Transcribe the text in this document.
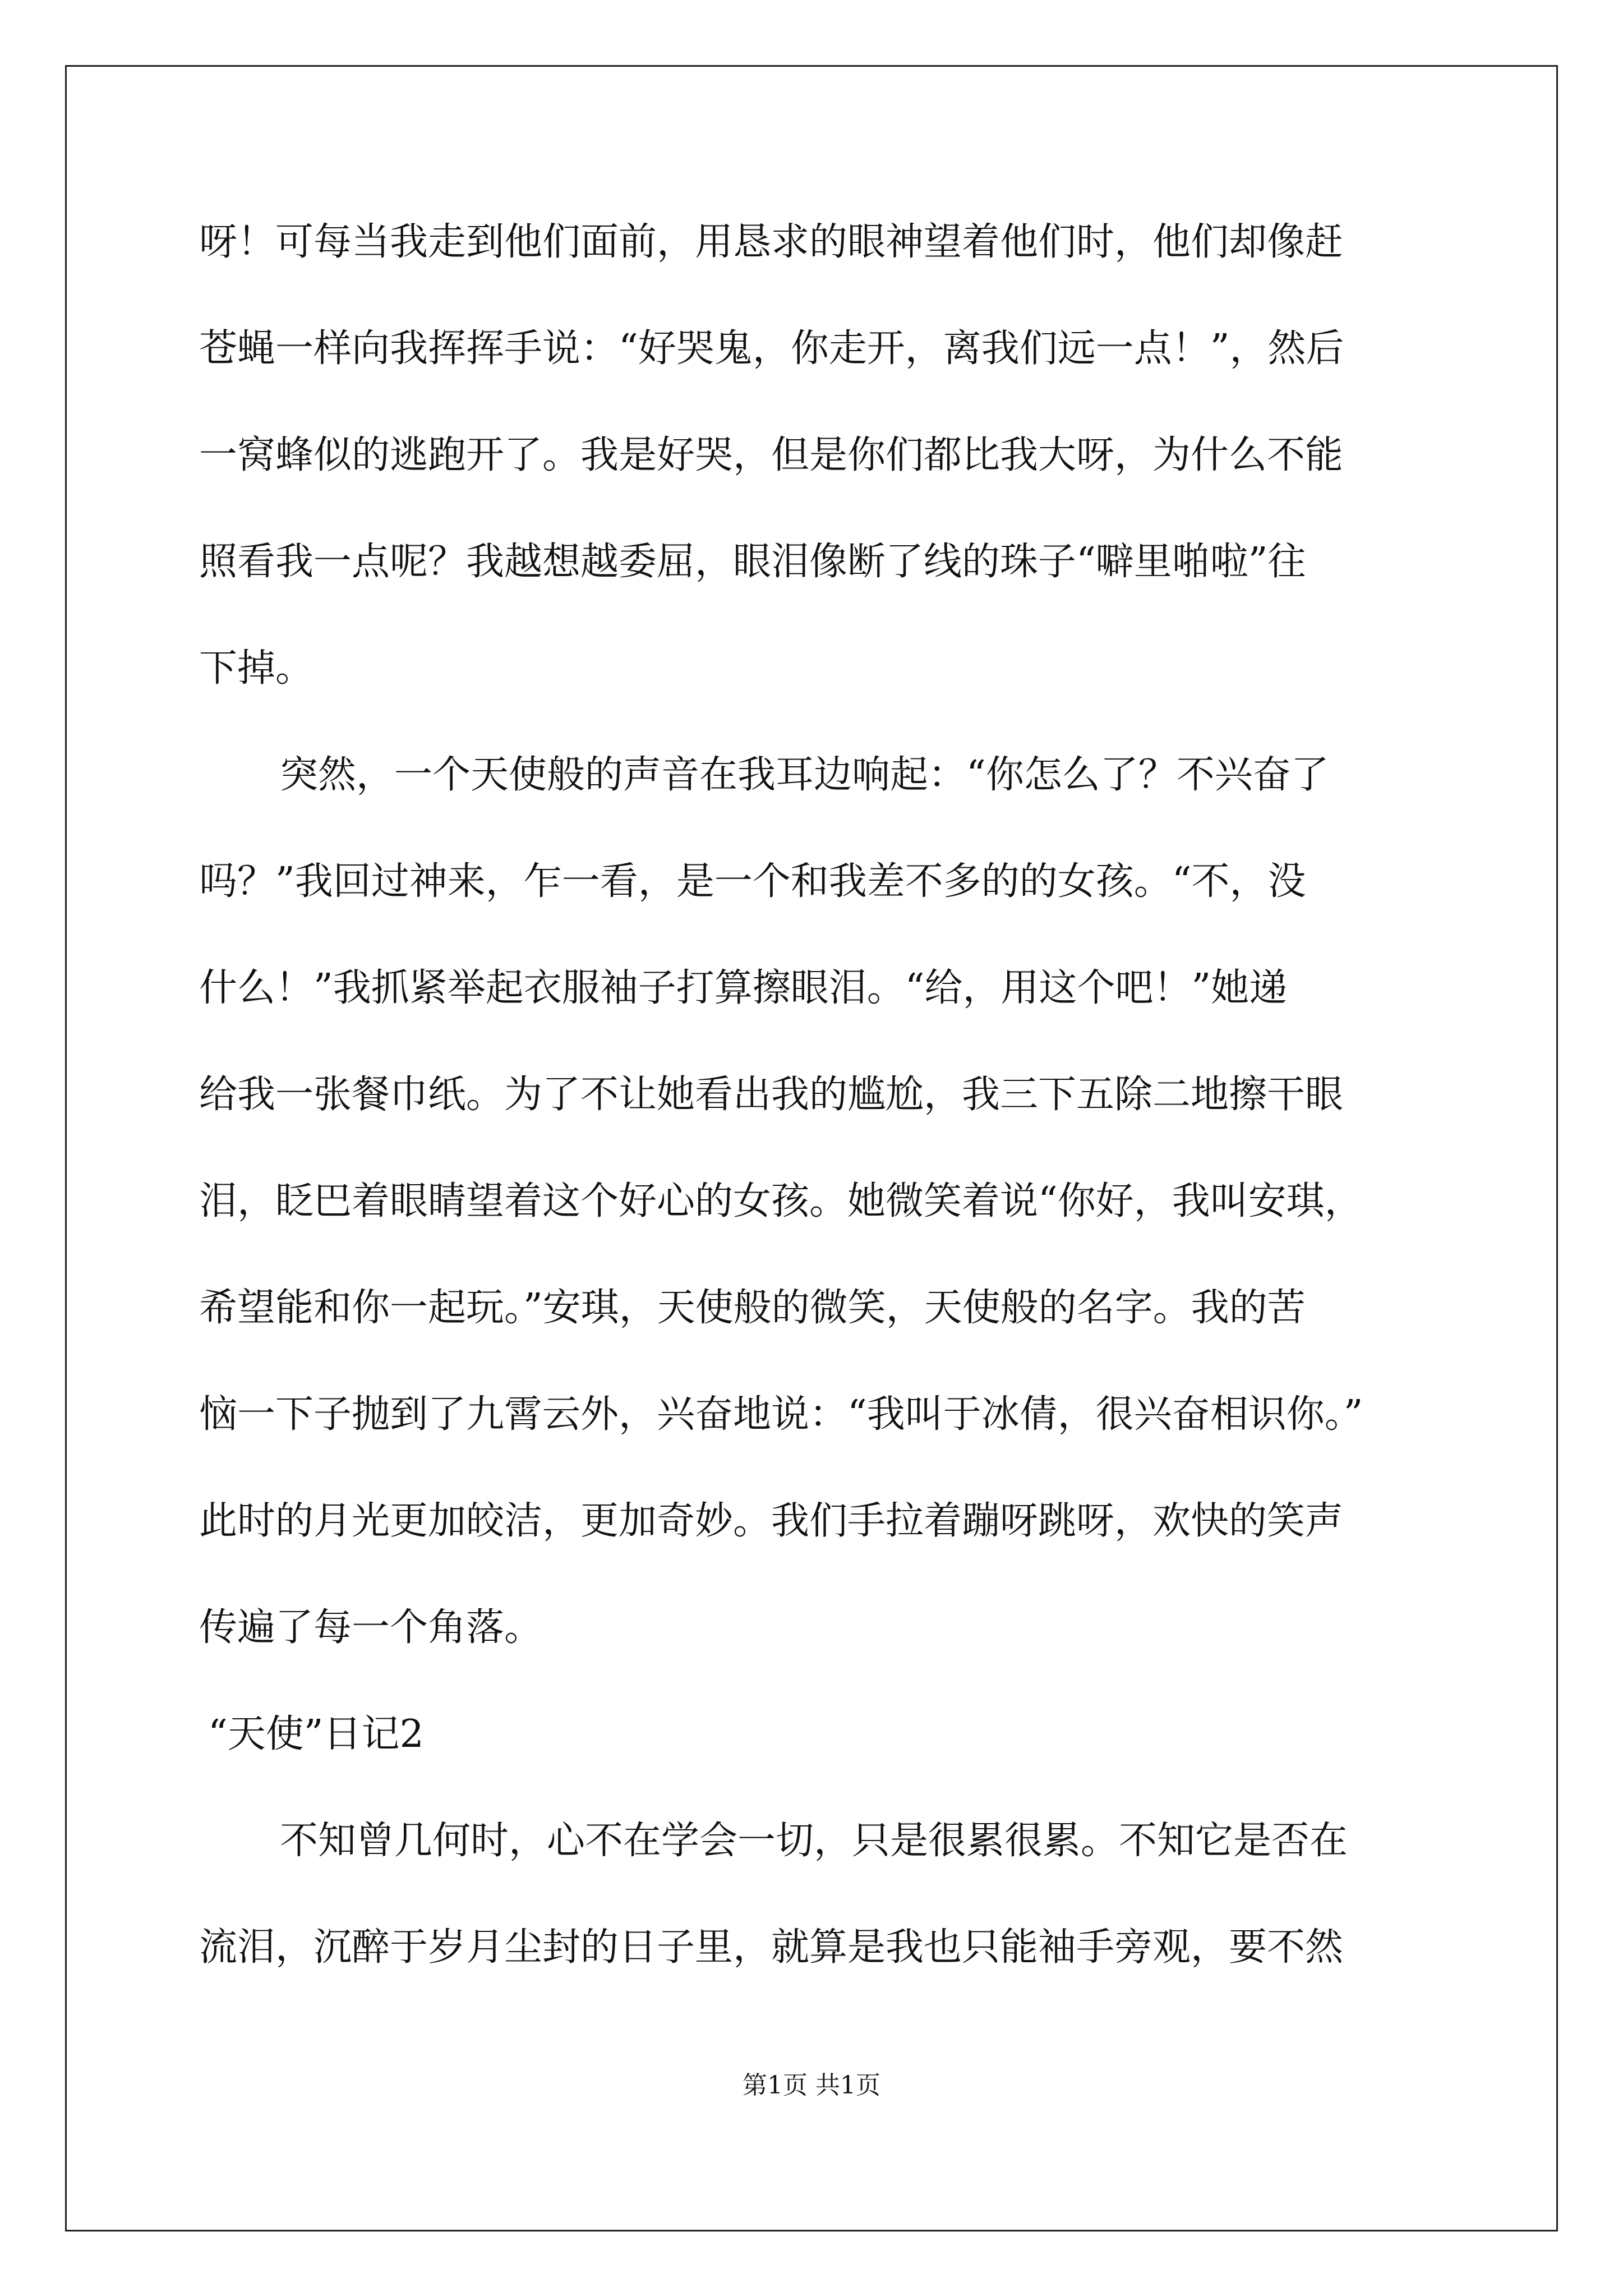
呀！可每当我走到他们面前，用恳求的眼神望着他们时，他们却像赶
苍蝇一样向我挥挥手说：“好哭鬼，你走开，离我们远一点！”，然后
一窝蜂似的逃跑开了。我是好哭，但是你们都比我大呀，为什么不能
照看我一点呢？我越想越委屈，眼泪像断了线的珠子“噼里啪啦”往
下掉。
突然，一个天使般的声音在我耳边响起：“你怎么了？不兴奋了
吗？”我回过神来，乍一看，是一个和我差不多的的女孩。“不，没
什么！”我抓紧举起衣服袖子打算擦眼泪。“给，用这个吧！”她递
给我一张餐巾纸。为了不让她看出我的尴尬，我三下五除二地擦干眼
泪，眨巴着眼睛望着这个好心的女孩。她微笑着说“你好，我叫安琪，
希望能和你一起玩。”安琪，天使般的微笑，天使般的名字。我的苦
恼一下子抛到了九霄云外，兴奋地说：“我叫于冰倩，很兴奋相识你。”
此时的月光更加皎洁，更加奇妙。我们手拉着蹦呀跳呀，欢快的笑声
传遍了每一个角落。
“天使”日记2
不知曾几何时，心不在学会一切，只是很累很累。不知它是否在
流泪，沉醉于岁月尘封的日子里，就算是我也只能袖手旁观，要不然
第1页 共1页
